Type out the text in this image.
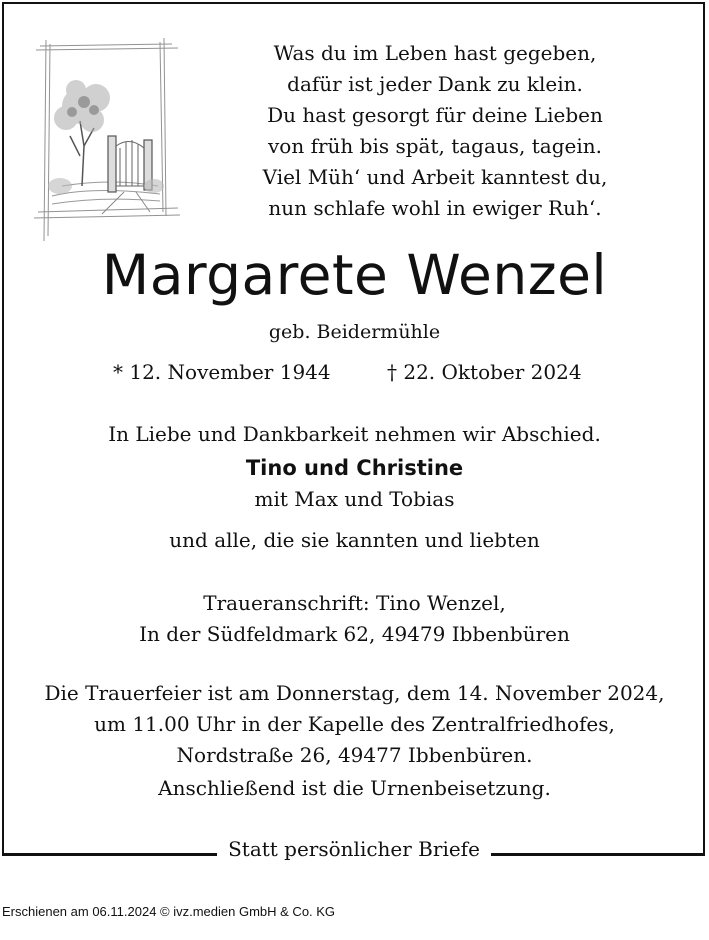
Was du im Leben hast gegeben,
dafür ist jeder Dank zu klein.
Du hast gesorgt für deine Lieben
von früh bis spät, tagaus, tagein.
Viel Müh‘ und Arbeit kanntest du,
nun schlafe wohl in ewiger Ruh‘.
Margarete Wenzel
geb. Beidermühle
* 12. November 1944	† 22. Oktober 2024
In Liebe und Dankbarkeit nehmen wir Abschied.
Tino und Christine
mit Max und Tobias
und alle, die sie kannten und liebten
Traueranschrift: Tino Wenzel,
In der Südfeldmark 62, 49479 Ibbenbüren
Die Trauerfeier ist am Donnerstag, dem 14. November 2024,
um 11.00 Uhr in der Kapelle des Zentralfriedhofes,
Nordstraße 26, 49477 Ibbenbüren.
Anschließend ist die Urnenbeisetzung.
Statt persönlicher Briefe
Erschienen am 06.11.2024 © ivz.medien GmbH & Co. KG
